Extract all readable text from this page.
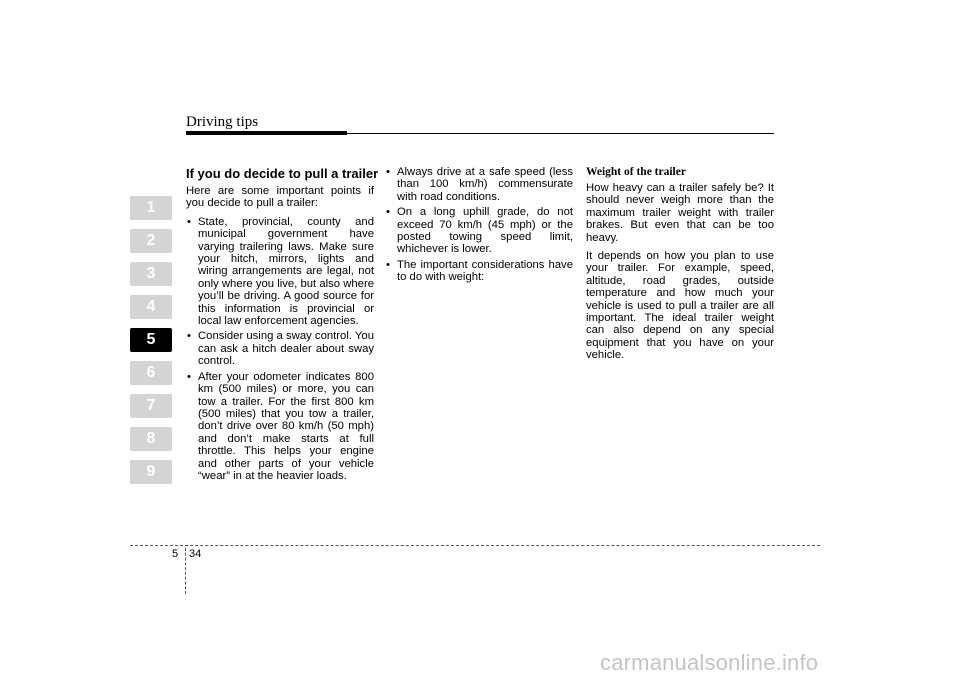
Driving tips
1
2
3
4
5
6
7
8
9
If you do decide to pull a trailer
Here are some important points if you decide to pull a trailer:
• State, provincial, county and municipal government have varying trailering laws. Make sure your hitch, mirrors, lights and wiring arrangements are legal, not only where you live, but also where you’ll be driving. A good source for this information is provincial or local law enforcement agencies.
• Consider using a sway control. You can ask a hitch dealer about sway control.
• After your odometer indicates 800 km (500 miles) or more, you can tow a trailer. For the first 800 km (500 miles) that you tow a trailer, don’t drive over 80 km/h (50 mph) and don’t make starts at full throttle. This helps your engine and other parts of your vehicle “wear” in at the heavier loads.
• Always drive at a safe speed (less than 100 km/h) commensurate with road conditions.
• On a long uphill grade, do not exceed 70 km/h (45 mph) or the posted towing speed limit, whichever is lower.
• The important considerations have to do with weight:
Weight of the trailer
How heavy can a trailer safely be? It should never weigh more than the maximum trailer weight with trailer brakes. But even that can be too heavy.
It depends on how you plan to use your trailer. For example, speed, altitude, road grades, outside temperature and how much your vehicle is used to pull a trailer are all important. The ideal trailer weight can also depend on any special equipment that you have on your vehicle.
5 34
carmanualsonline.info
